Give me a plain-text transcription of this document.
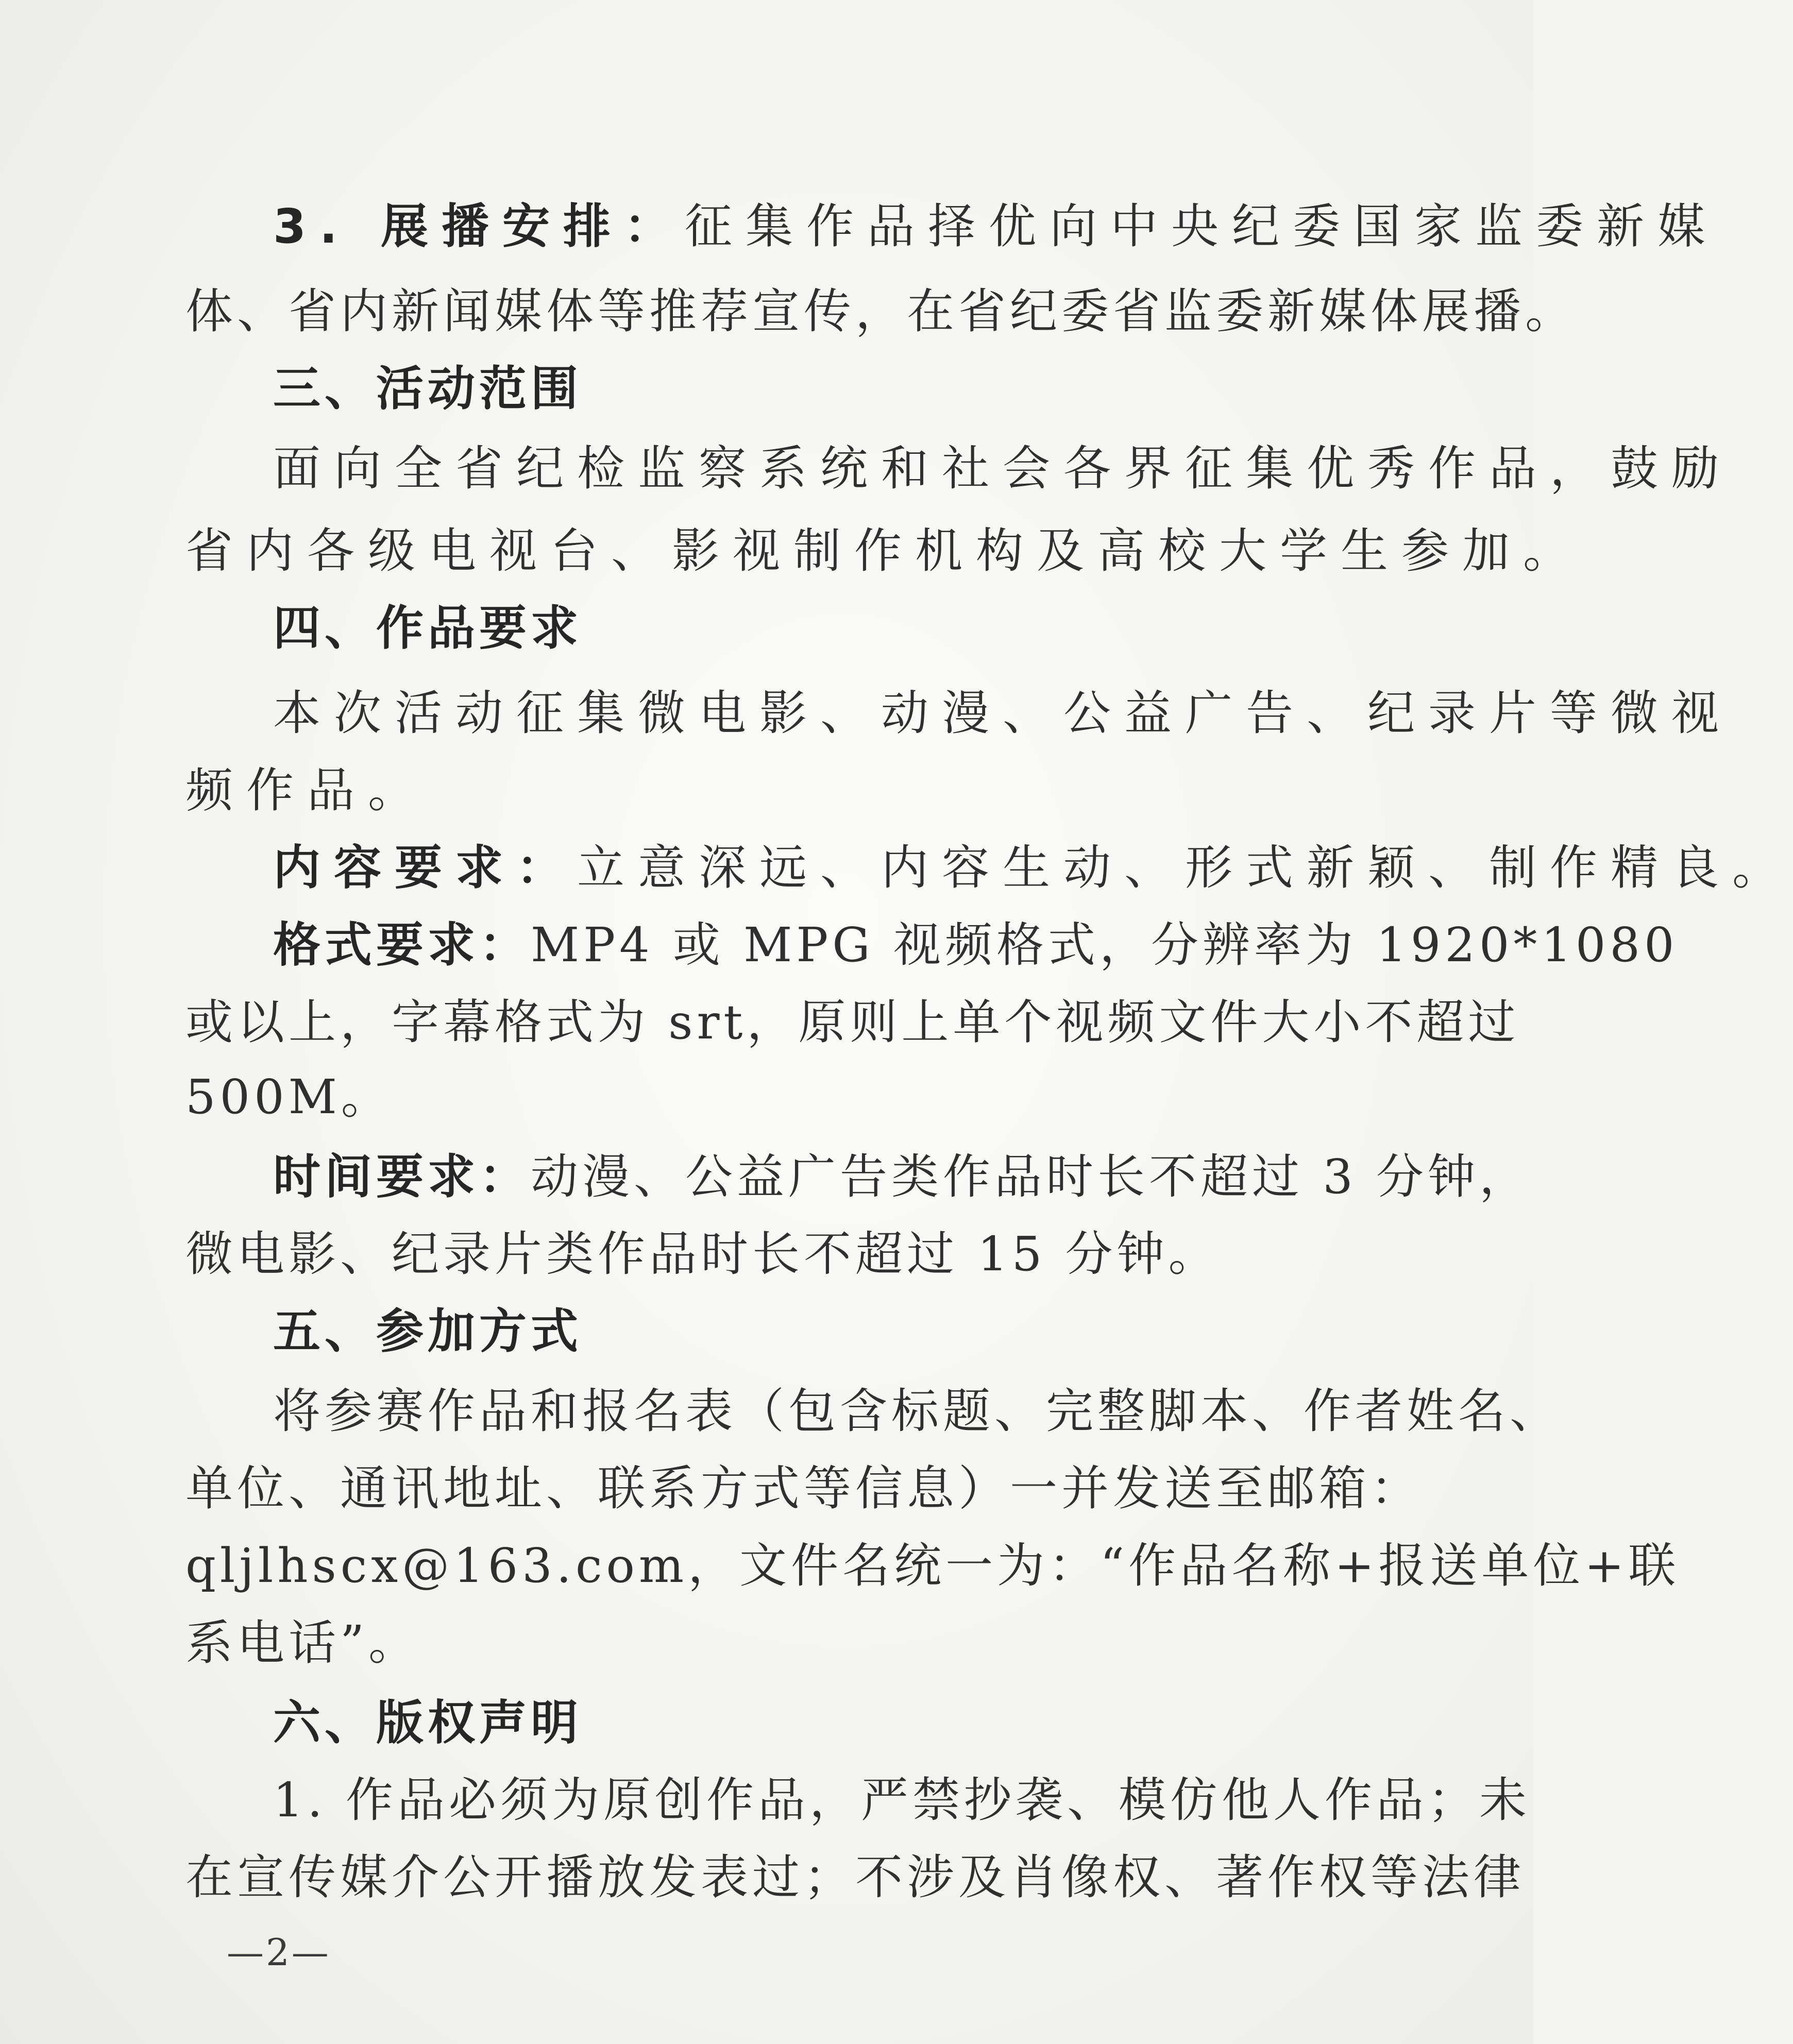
3. 展播安排：征集作品择优向中央纪委国家监委新媒
体、省内新闻媒体等推荐宣传，在省纪委省监委新媒体展播。
三、活动范围
面向全省纪检监察系统和社会各界征集优秀作品，鼓励
省内各级电视台、影视制作机构及高校大学生参加。
四、作品要求
本次活动征集微电影、动漫、公益广告、纪录片等微视
频作品。
内容要求：立意深远、内容生动、形式新颖、制作精良。
格式要求：MP4 或 MPG 视频格式，分辨率为 1920*1080
或以上，字幕格式为 srt，原则上单个视频文件大小不超过
500M。
时间要求：动漫、公益广告类作品时长不超过 3 分钟，
微电影、纪录片类作品时长不超过 15 分钟。
五、参加方式
将参赛作品和报名表（包含标题、完整脚本、作者姓名、
单位、通讯地址、联系方式等信息）一并发送至邮箱：
qljlhscx@163.com，文件名统一为：“作品名称+报送单位+联
系电话”。
六、版权声明
1. 作品必须为原创作品，严禁抄袭、模仿他人作品；未
在宣传媒介公开播放发表过；不涉及肖像权、著作权等法律
—2—
